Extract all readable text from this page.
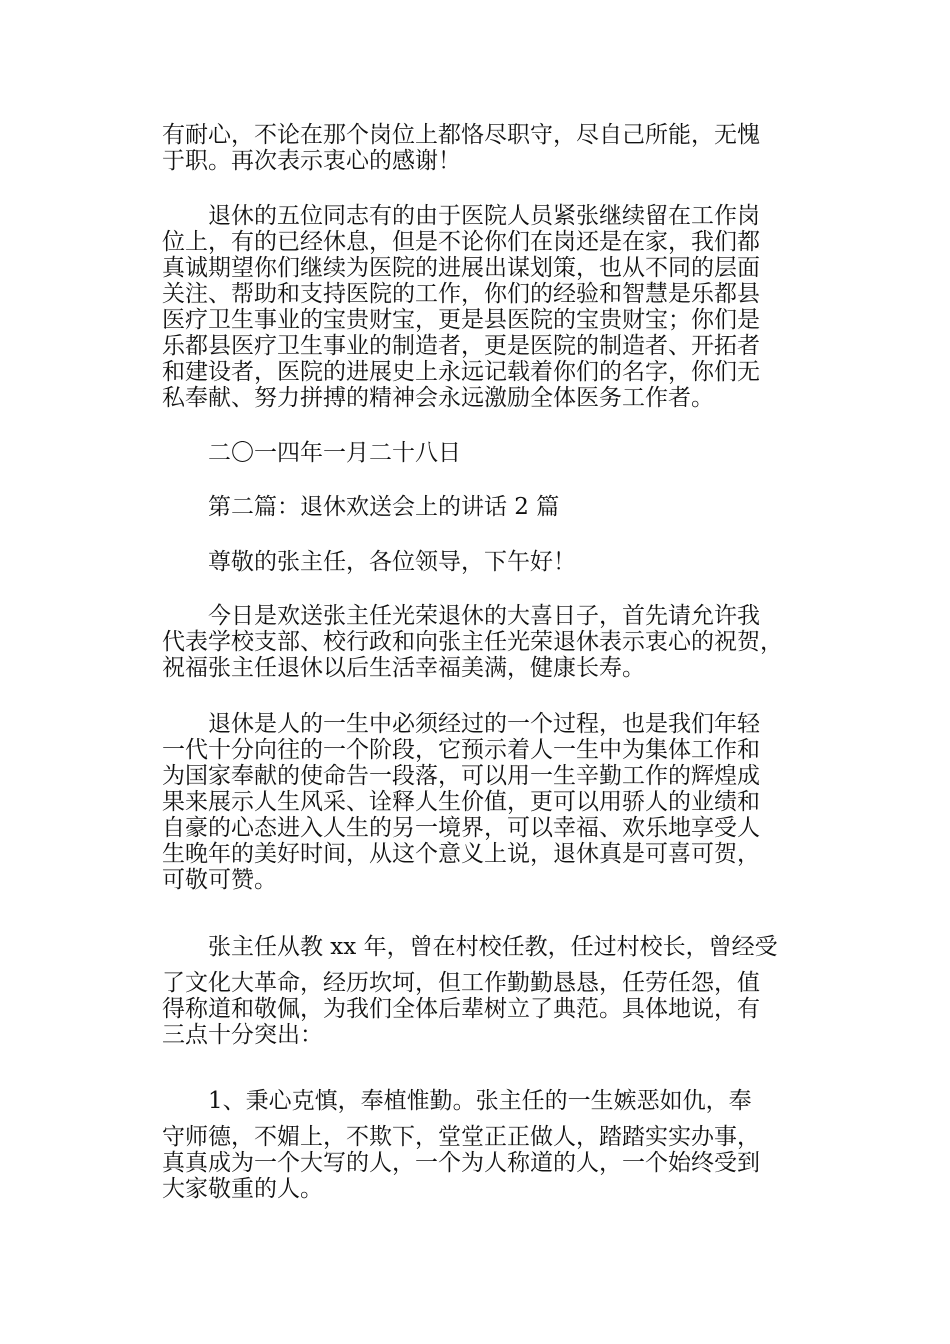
有耐心，不论在那个岗位上都恪尽职守，尽自己所能，无愧
于职。再次表示衷心的感谢！
退休的五位同志有的由于医院人员紧张继续留在工作岗
位上，有的已经休息，但是不论你们在岗还是在家，我们都
真诚期望你们继续为医院的进展出谋划策，也从不同的层面
关注、帮助和支持医院的工作，你们的经验和智慧是乐都县
医疗卫生事业的宝贵财宝，更是县医院的宝贵财宝；你们是
乐都县医疗卫生事业的制造者，更是医院的制造者、开拓者
和建设者，医院的进展史上永远记载着你们的名字，你们无
私奉献、努力拼搏的精神会永远激励全体医务工作者。
二〇一四年一月二十八日
第二篇：退休欢送会上的讲话 2 篇
尊敬的张主任，各位领导，下午好！
今日是欢送张主任光荣退休的大喜日子，首先请允许我
代表学校支部、校行政和向张主任光荣退休表示衷心的祝贺，
祝福张主任退休以后生活幸福美满，健康长寿。
退休是人的一生中必须经过的一个过程，也是我们年轻
一代十分向往的一个阶段，它预示着人一生中为集体工作和
为国家奉献的使命告一段落，可以用一生辛勤工作的辉煌成
果来展示人生风采、诠释人生价值，更可以用骄人的业绩和
自豪的心态进入人生的另一境界，可以幸福、欢乐地享受人
生晚年的美好时间，从这个意义上说，退休真是可喜可贺，
可敬可赞。
张主任从教 xx 年，曾在村校任教，任过村校长，曾经受
了文化大革命，经历坎坷，但工作勤勤恳恳，任劳任怨，值
得称道和敬佩，为我们全体后辈树立了典范。具体地说，有
三点十分突出：
1、秉心克慎，奉植惟勤。张主任的一生嫉恶如仇，奉
守师德，不媚上，不欺下，堂堂正正做人，踏踏实实办事，
真真成为一个大写的人，一个为人称道的人，一个始终受到
大家敬重的人。
